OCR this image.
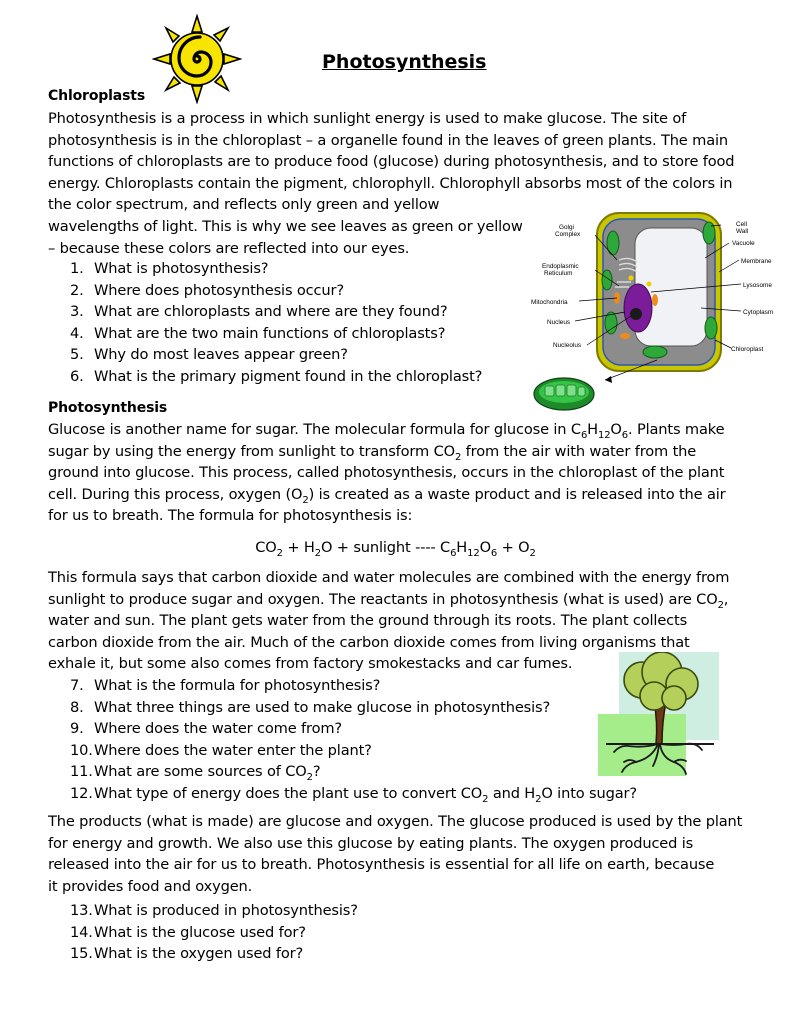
Photosynthesis
Chloroplasts
Photosynthesis is a process in which sunlight energy is used to make glucose. The site of
photosynthesis is in the chloroplast – a organelle found in the leaves of green plants. The main
functions of chloroplasts are to produce food (glucose) during photosynthesis, and to store food
energy. Chloroplasts contain the pigment, chlorophyll. Chlorophyll absorbs most of the colors in
the color spectrum, and reflects only green and yellow
wavelengths of light. This is why we see leaves as green or yellow
– because these colors are reflected into our eyes.
1. What is photosynthesis?
2. Where does photosynthesis occur?
3. What are chloroplasts and where are they found?
4. What are the two main functions of chloroplasts?
5. Why do most leaves appear green?
6. What is the primary pigment found in the chloroplast?
Golgi
Complex
Endoplasmic
Reticulum
Mitochondria
Nucleus
Nucleolus
Cell
Wall
Vacuole
Membrane
Lysosome
Cytoplasm
Chloroplast
Photosynthesis
Glucose is another name for sugar. The molecular formula for glucose in $C_6H_{12}O_6$. Plants make
sugar by using the energy from sunlight to transform $CO_2$ from the air with water from the
ground into glucose. This process, called photosynthesis, occurs in the chloroplast of the plant
cell. During this process, oxygen $(O_2)$ is created as a waste product and is released into the air
for us to breath. The formula for photosynthesis is:
$CO_2 + H_2O$ + sunlight ---- $C_6H_{12}O_6 + O_2$
This formula says that carbon dioxide and water molecules are combined with the energy from
sunlight to produce sugar and oxygen. The reactants in photosynthesis (what is used) are $CO_2$,
water and sun. The plant gets water from the ground through its roots. The plant collects
carbon dioxide from the air. Much of the carbon dioxide comes from living organisms that
exhale it, but some also comes from factory smokestacks and car fumes.
7. What is the formula for photosynthesis?
8. What three things are used to make glucose in photosynthesis?
9. Where does the water come from?
10. Where does the water enter the plant?
11. What are some sources of $CO_2$?
12. What type of energy does the plant use to convert $CO_2$ and $H_2O$ into sugar?
The products (what is made) are glucose and oxygen. The glucose produced is used by the plant
for energy and growth. We also use this glucose by eating plants. The oxygen produced is
released into the air for us to breath. Photosynthesis is essential for all life on earth, because
it provides food and oxygen.
13. What is produced in photosynthesis?
14. What is the glucose used for?
15. What is the oxygen used for?
